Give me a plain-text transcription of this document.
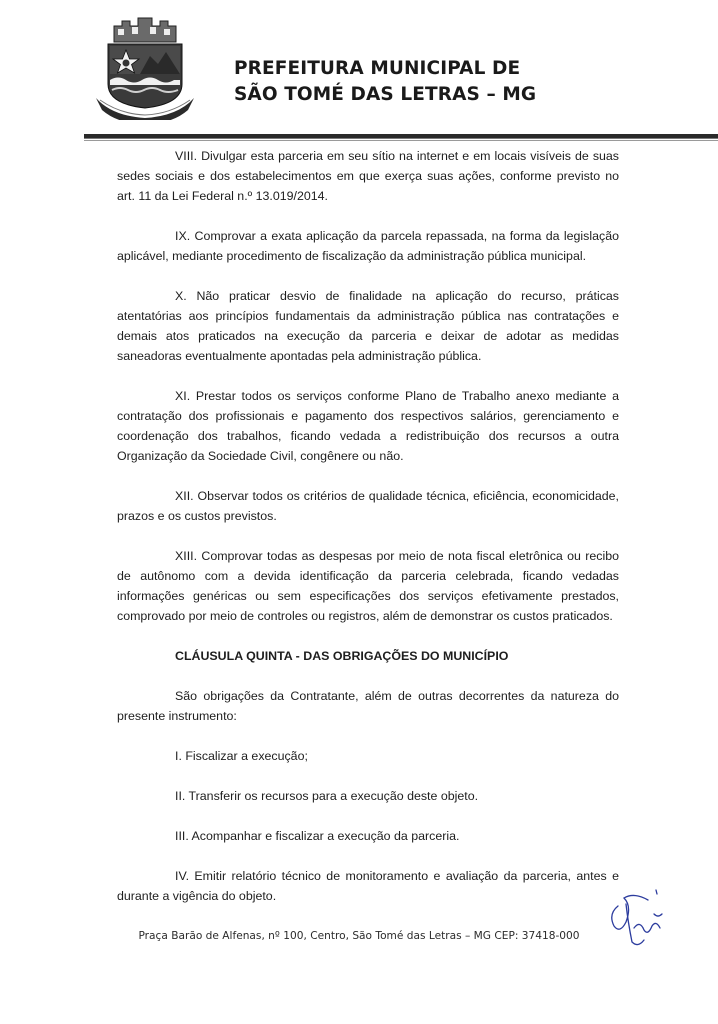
PREFEITURA MUNICIPAL DE
SÃO TOMÉ DAS LETRAS – MG

VIII. Divulgar esta parceria em seu sítio na internet e em locais visíveis de suas sedes sociais e dos estabelecimentos em que exerça suas ações, conforme previsto no art. 11 da Lei Federal n.º 13.019/2014.

IX. Comprovar a exata aplicação da parcela repassada, na forma da legislação aplicável, mediante procedimento de fiscalização da administração pública municipal.

X. Não praticar desvio de finalidade na aplicação do recurso, práticas atentatórias aos princípios fundamentais da administração pública nas contratações e demais atos praticados na execução da parceria e deixar de adotar as medidas saneadoras eventualmente apontadas pela administração pública.

XI. Prestar todos os serviços conforme Plano de Trabalho anexo mediante a contratação dos profissionais e pagamento dos respectivos salários, gerenciamento e coordenação dos trabalhos, ficando vedada a redistribuição dos recursos a outra Organização da Sociedade Civil, congênere ou não.

XII. Observar todos os critérios de qualidade técnica, eficiência, economicidade, prazos e os custos previstos.

XIII. Comprovar todas as despesas por meio de nota fiscal eletrônica ou recibo de autônomo com a devida identificação da parceria celebrada, ficando vedadas informações genéricas ou sem especificações dos serviços efetivamente prestados, comprovado por meio de controles ou registros, além de demonstrar os custos praticados.

CLÁUSULA QUINTA - DAS OBRIGAÇÕES DO MUNICÍPIO

São obrigações da Contratante, além de outras decorrentes da natureza do presente instrumento:

I. Fiscalizar a execução;

II. Transferir os recursos para a execução deste objeto.

III. Acompanhar e fiscalizar a execução da parceria.

IV. Emitir relatório técnico de monitoramento e avaliação da parceria, antes e durante a vigência do objeto.

Praça Barão de Alfenas, nº 100, Centro, São Tomé das Letras – MG CEP: 37418-000
